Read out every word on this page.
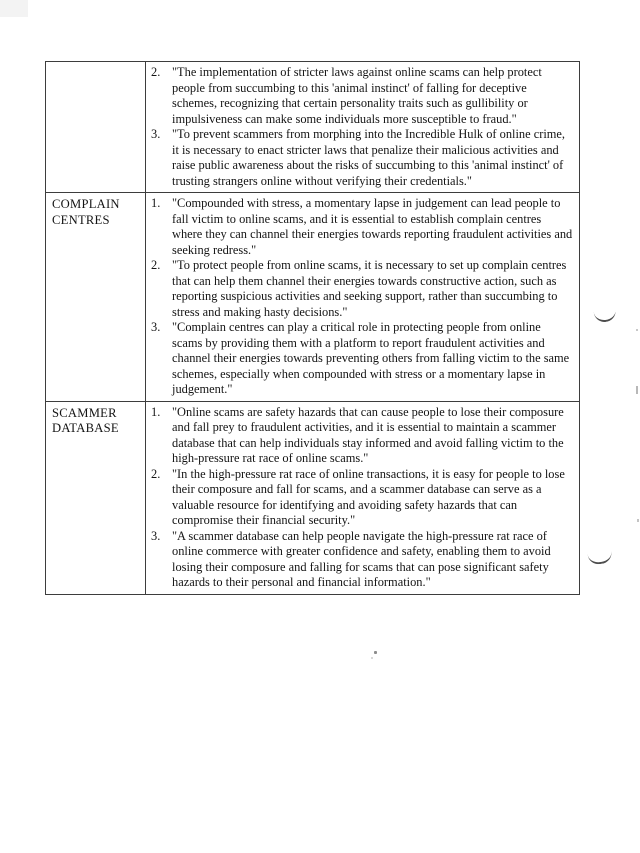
2. "The implementation of stricter laws against online scams can help protect people from succumbing to this 'animal instinct' of falling for deceptive schemes, recognizing that certain personality traits such as gullibility or impulsiveness can make some individuals more susceptible to fraud."
3. "To prevent scammers from morphing into the Incredible Hulk of online crime, it is necessary to enact stricter laws that penalize their malicious activities and raise public awareness about the risks of succumbing to this 'animal instinct' of trusting strangers online without verifying their credentials."
COMPLAIN CENTRES
1. "Compounded with stress, a momentary lapse in judgement can lead people to fall victim to online scams, and it is essential to establish complain centres where they can channel their energies towards reporting fraudulent activities and seeking redress."
2. "To protect people from online scams, it is necessary to set up complain centres that can help them channel their energies towards constructive action, such as reporting suspicious activities and seeking support, rather than succumbing to stress and making hasty decisions."
3. "Complain centres can play a critical role in protecting people from online scams by providing them with a platform to report fraudulent activities and channel their energies towards preventing others from falling victim to the same schemes, especially when compounded with stress or a momentary lapse in judgement."
SCAMMER DATABASE
1. "Online scams are safety hazards that can cause people to lose their composure and fall prey to fraudulent activities, and it is essential to maintain a scammer database that can help individuals stay informed and avoid falling victim to the high-pressure rat race of online scams."
2. "In the high-pressure rat race of online transactions, it is easy for people to lose their composure and fall for scams, and a scammer database can serve as a valuable resource for identifying and avoiding safety hazards that can compromise their financial security."
3. "A scammer database can help people navigate the high-pressure rat race of online commerce with greater confidence and safety, enabling them to avoid losing their composure and falling for scams that can pose significant safety hazards to their personal and financial information."
